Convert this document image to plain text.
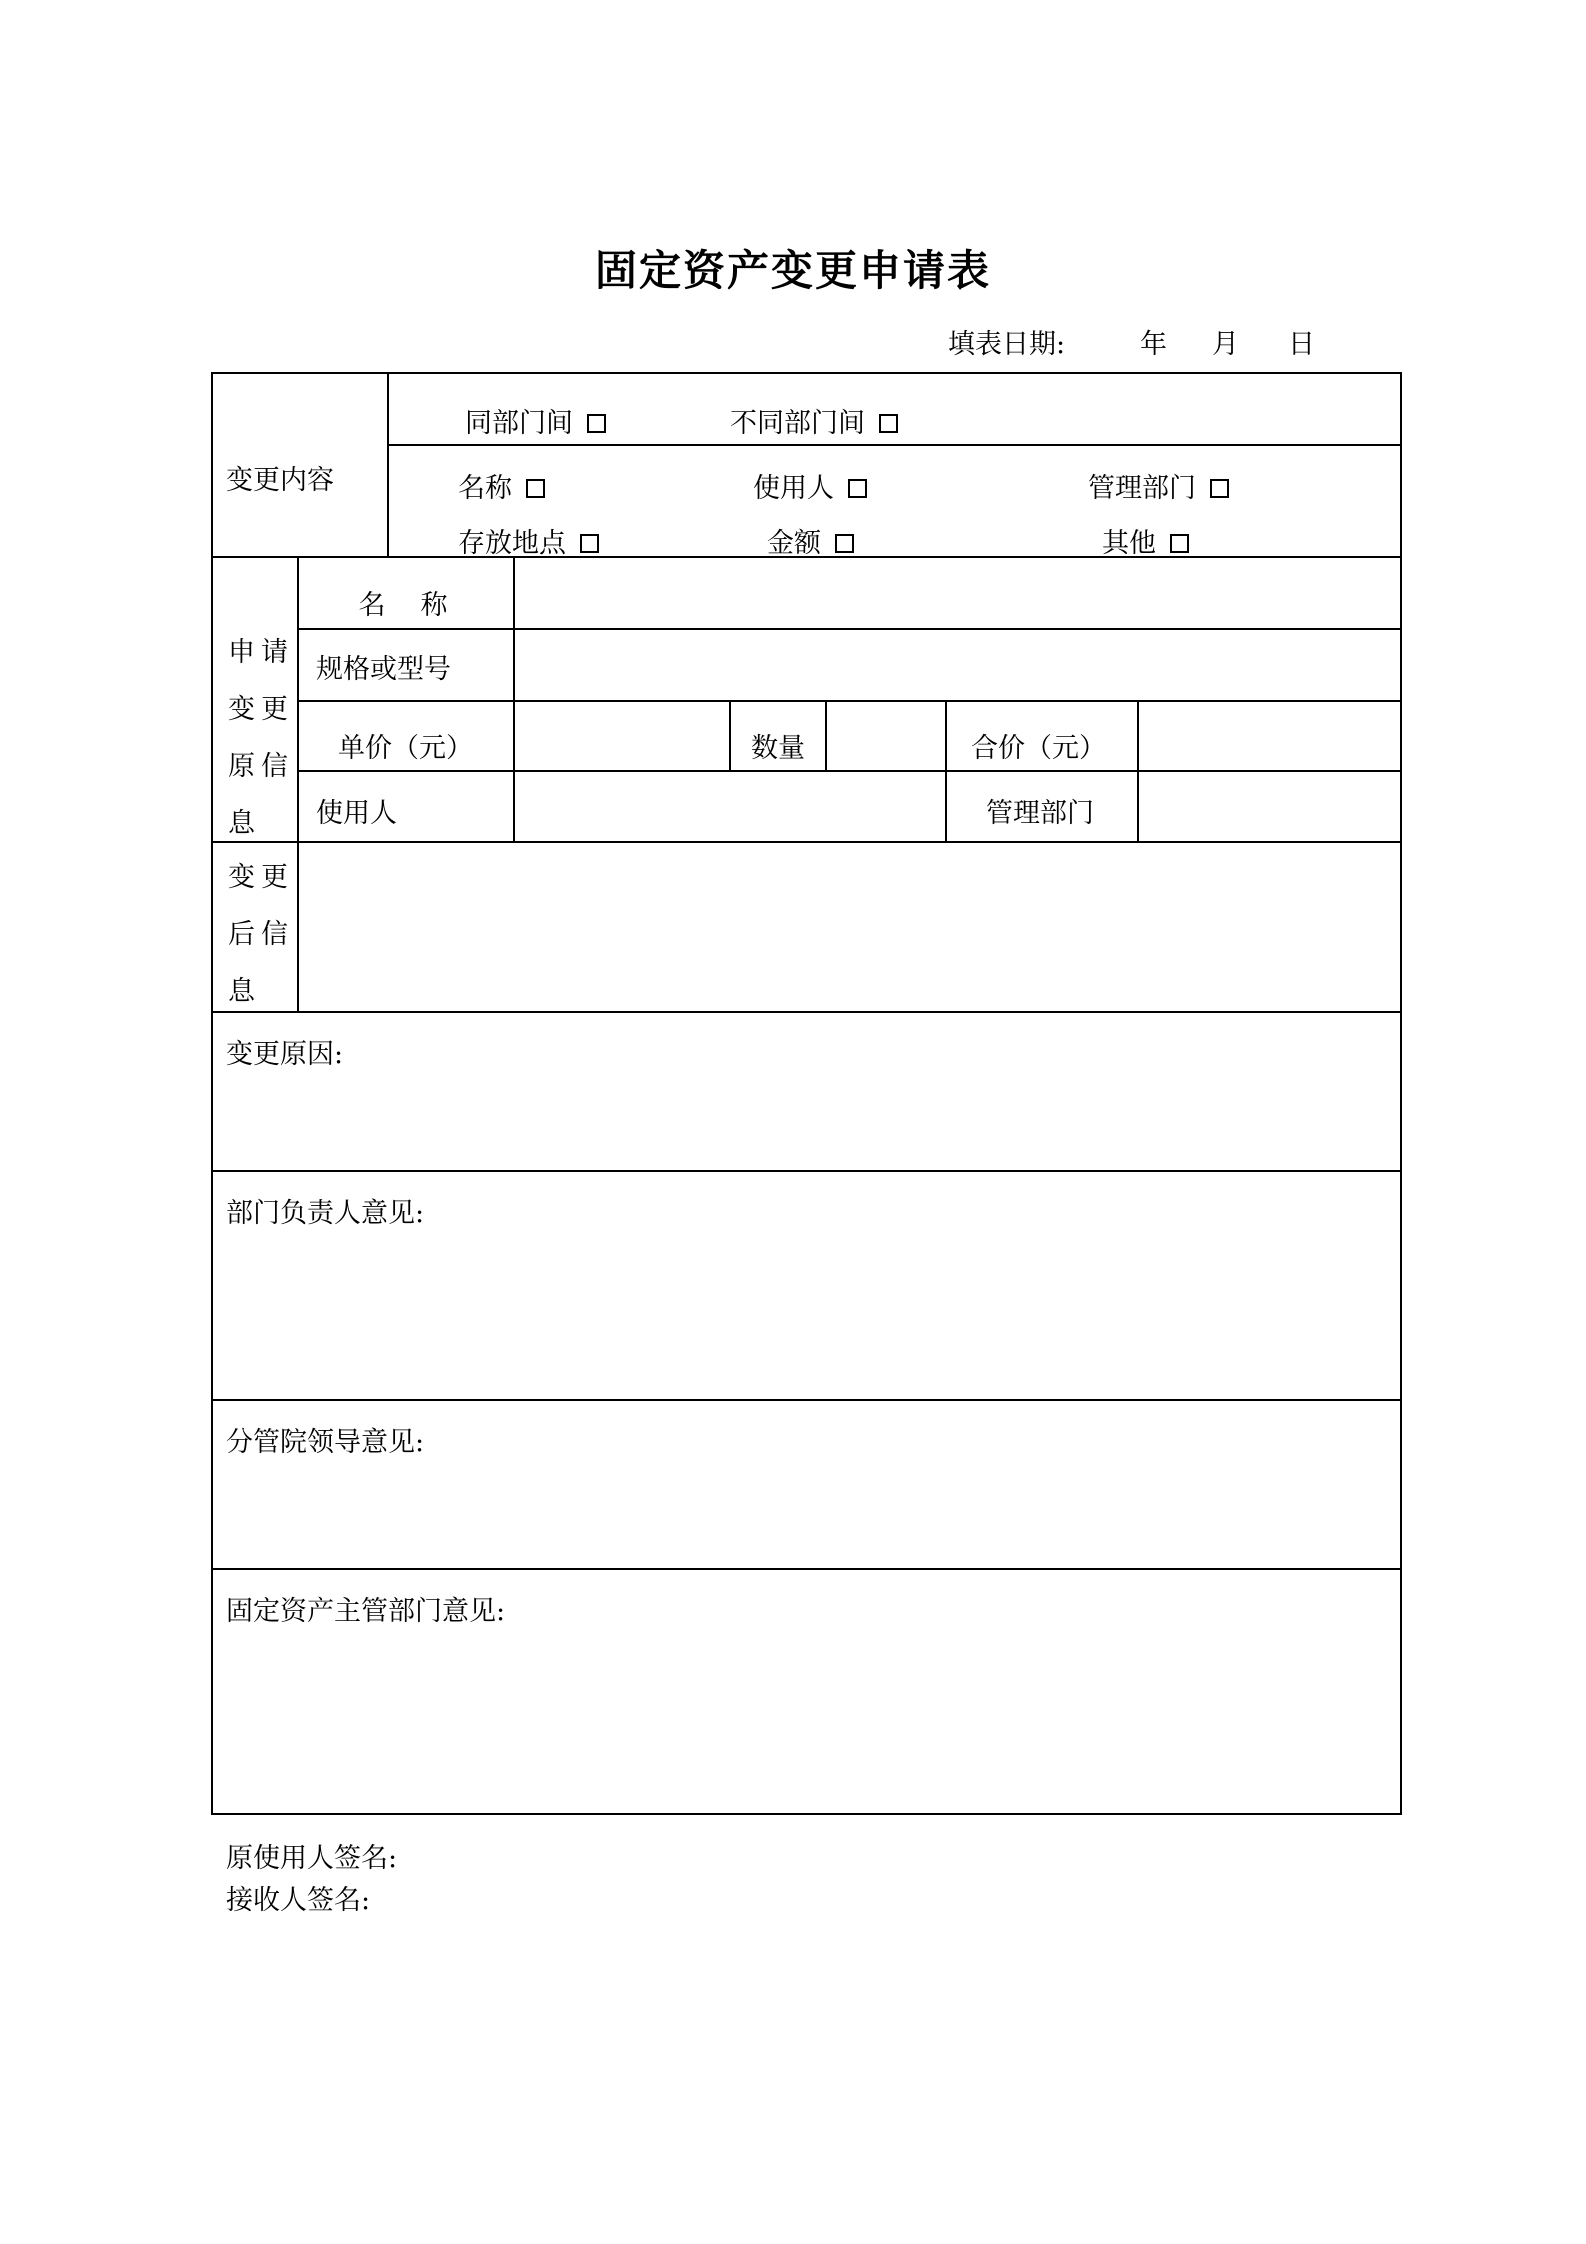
固定资产变更申请表
填表日期:	年 月 日
变更内容
同部门间	不同部门间
名称	使用人	管理部门
存放地点	金额	其他
申请
变更
原信
息
名　称
规格或型号
单价（元）	数量	合价（元）
使用人	管理部门
变更
后信
息
变更原因:
部门负责人意见:
分管院领导意见:
固定资产主管部门意见:
原使用人签名:
接收人签名:
